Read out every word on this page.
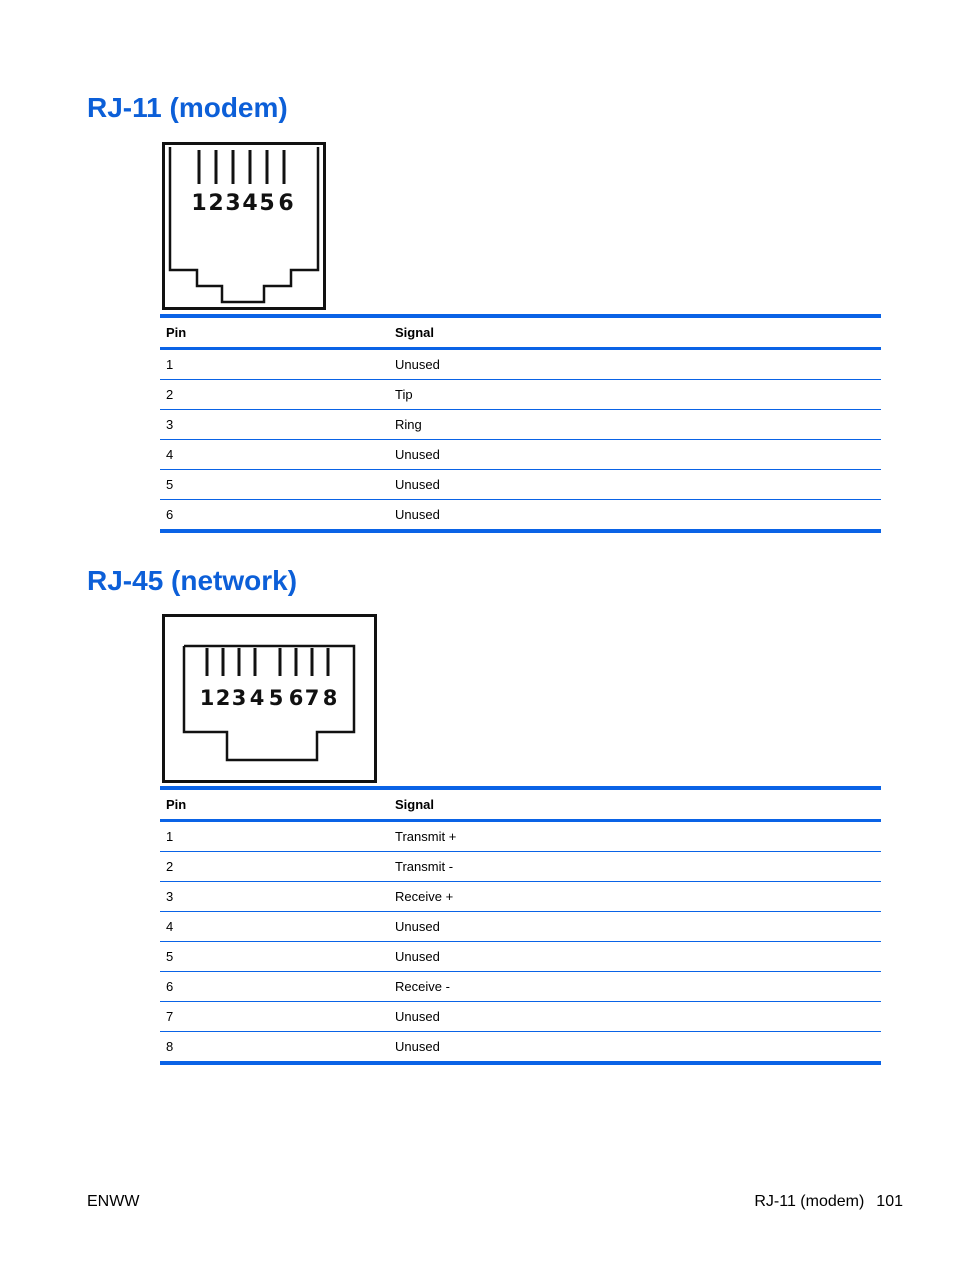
RJ-11 (modem)
1 2 3 4 5 6
Pin	Signal
1	Unused
2	Tip
3	Ring
4	Unused
5	Unused
6	Unused
RJ-45 (network)
1 2 3 4 5 6 7 8
Pin	Signal
1	Transmit +
2	Transmit -
3	Receive +
4	Unused
5	Unused
6	Receive -
7	Unused
8	Unused
ENWW	RJ-11 (modem) 101
